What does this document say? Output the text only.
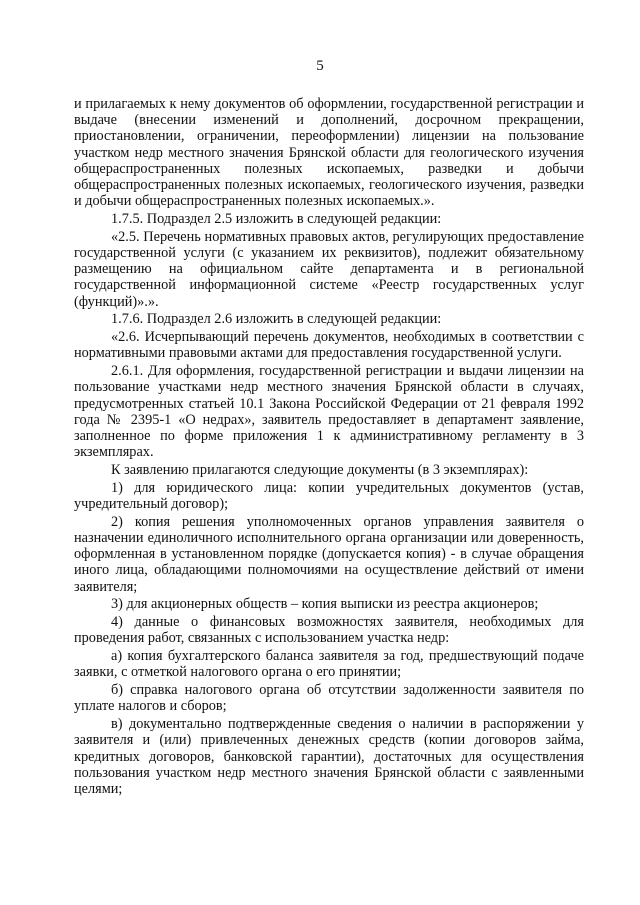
5

и прилагаемых к нему документов об оформлении, государственной регистрации и выдаче (внесении изменений и дополнений, досрочном прекращении, приостановлении, ограничении, переоформлении) лицензии на пользование участком недр местного значения Брянской области для геологического изучения общераспространенных полезных ископаемых, разведки и добычи общераспространенных полезных ископаемых, геологического изучения, разведки и добычи общераспространенных полезных ископаемых.».

1.7.5. Подраздел 2.5 изложить в следующей редакции:

«2.5. Перечень нормативных правовых актов, регулирующих предоставление государственной услуги (с указанием их реквизитов), подлежит обязательному размещению на официальном сайте департамента и в региональной государственной информационной системе «Реестр государственных услуг (функций)».».

1.7.6. Подраздел 2.6 изложить в следующей редакции:

«2.6. Исчерпывающий перечень документов, необходимых в соответствии с нормативными правовыми актами для предоставления государственной услуги.

2.6.1. Для оформления, государственной регистрации и выдачи лицензии на пользование участками недр местного значения Брянской области в случаях, предусмотренных статьей 10.1 Закона Российской Федерации от 21 февраля 1992 года № 2395-1 «О недрах», заявитель предоставляет в департамент заявление, заполненное по форме приложения 1 к административному регламенту в 3 экземплярах.

К заявлению прилагаются следующие документы (в 3 экземплярах):

1) для юридического лица: копии учредительных документов (устав, учредительный договор);

2) копия решения уполномоченных органов управления заявителя о назначении единоличного исполнительного органа организации или доверенность, оформленная в установленном порядке (допускается копия) - в случае обращения иного лица, обладающими полномочиями на осуществление действий от имени заявителя;

3) для акционерных обществ – копия выписки из реестра акционеров;

4) данные о финансовых возможностях заявителя, необходимых для проведения работ, связанных с использованием участка недр:

а) копия бухгалтерского баланса заявителя за год, предшествующий подаче заявки, с отметкой налогового органа о его принятии;

б) справка налогового органа об отсутствии задолженности заявителя по уплате налогов и сборов;

в) документально подтвержденные сведения о наличии в распоряжении у заявителя и (или) привлеченных денежных средств (копии договоров займа, кредитных договоров, банковской гарантии), достаточных для осуществления пользования участком недр местного значения Брянской области с заявленными целями;
